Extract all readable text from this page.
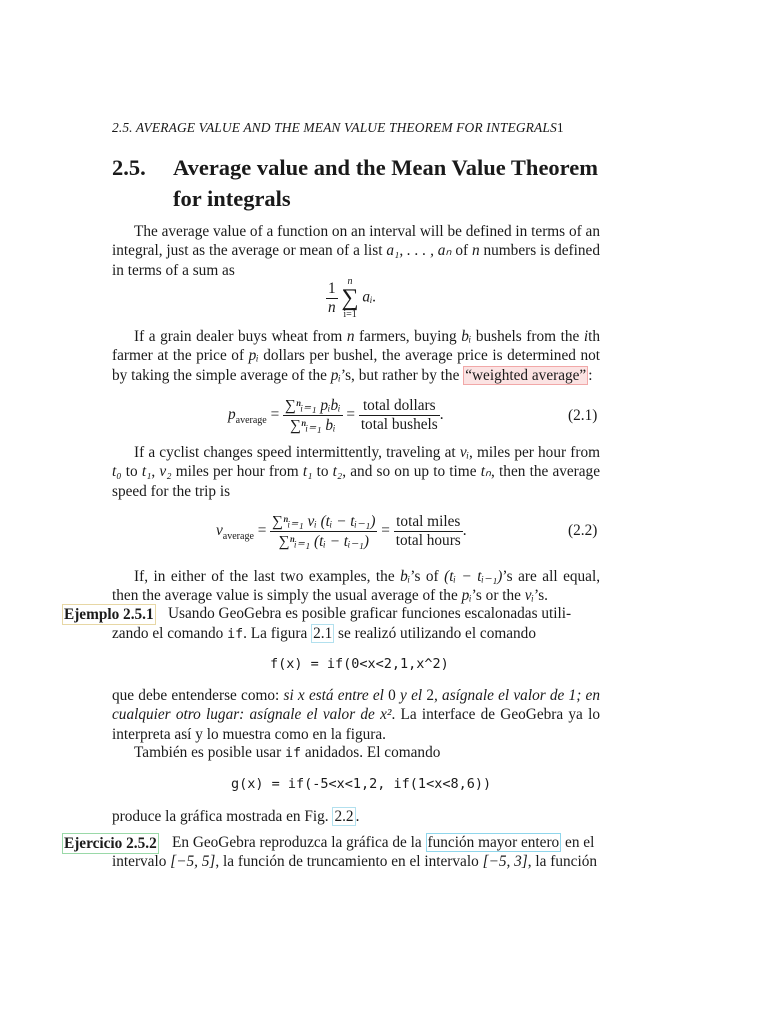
2.5. AVERAGE VALUE AND THE MEAN VALUE THEOREM FOR INTEGRALS1
2.5. Average value and the Mean Value Theorem for integrals
The average value of a function on an interval will be defined in terms of an integral, just as the average or mean of a list a₁, . . . , aₙ of n numbers is defined in terms of a sum as
$\frac{1}{n}$
n
∑
i=1
aᵢ.
If a grain dealer buys wheat from n farmers, buying bᵢ bushels from the ith farmer at the price of pᵢ dollars per bushel, the average price is determined not by taking the simple average of the pᵢ’s, but rather by the “weighted average” :
$p_{average} = \frac{\text{∑ⁿᵢ₌₁ pᵢbᵢ}}{\text{∑ⁿᵢ₌₁ bᵢ}} = \frac{\text{total dollars}}{\text{total bushels}}$ .	(2.1)
If a cyclist changes speed intermittently, traveling at vᵢ, miles per hour from t₀ to t₁, v₂ miles per hour from t₁ to t₂, and so on up to time tₙ, then the average speed for the trip is
$v_{average} = \frac{\text{∑ⁿᵢ₌₁ vᵢ (tᵢ − tᵢ₋₁)}}{\text{∑ⁿᵢ₌₁ (tᵢ − tᵢ₋₁)}} = \frac{\text{total miles}}{\text{total hours}}$ .	(2.2)
If, in either of the last two examples, the bᵢ’s of (tᵢ − tᵢ₋₁)’s are all equal, then the average value is simply the usual average of the pᵢ’s or the vᵢ’s.
Ejemplo 2.5.1 Usando GeoGebra es posible graficar funciones escalonadas utili-
zando el comando if. La figura 2.1 se realizó utilizando el comando
f(x) = if(0<x<2,1,x^2)
que debe entenderse como: si x está entre el 0 y el 2, asígnale el valor de 1; en cualquier otro lugar: asígnale el valor de x². La interface de GeoGebra ya lo interpreta así y lo muestra como en la figura.
También es posible usar if anidados. El comando
g(x) = if(-5<x<1,2, if(1<x<8,6))
produce la gráfica mostrada en Fig. 2.2 .
Ejercicio 2.5.2 En GeoGebra reproduzca la gráfica de la función mayor entero en el
intervalo [−5, 5], la función de truncamiento en el intervalo [−5, 3], la función
